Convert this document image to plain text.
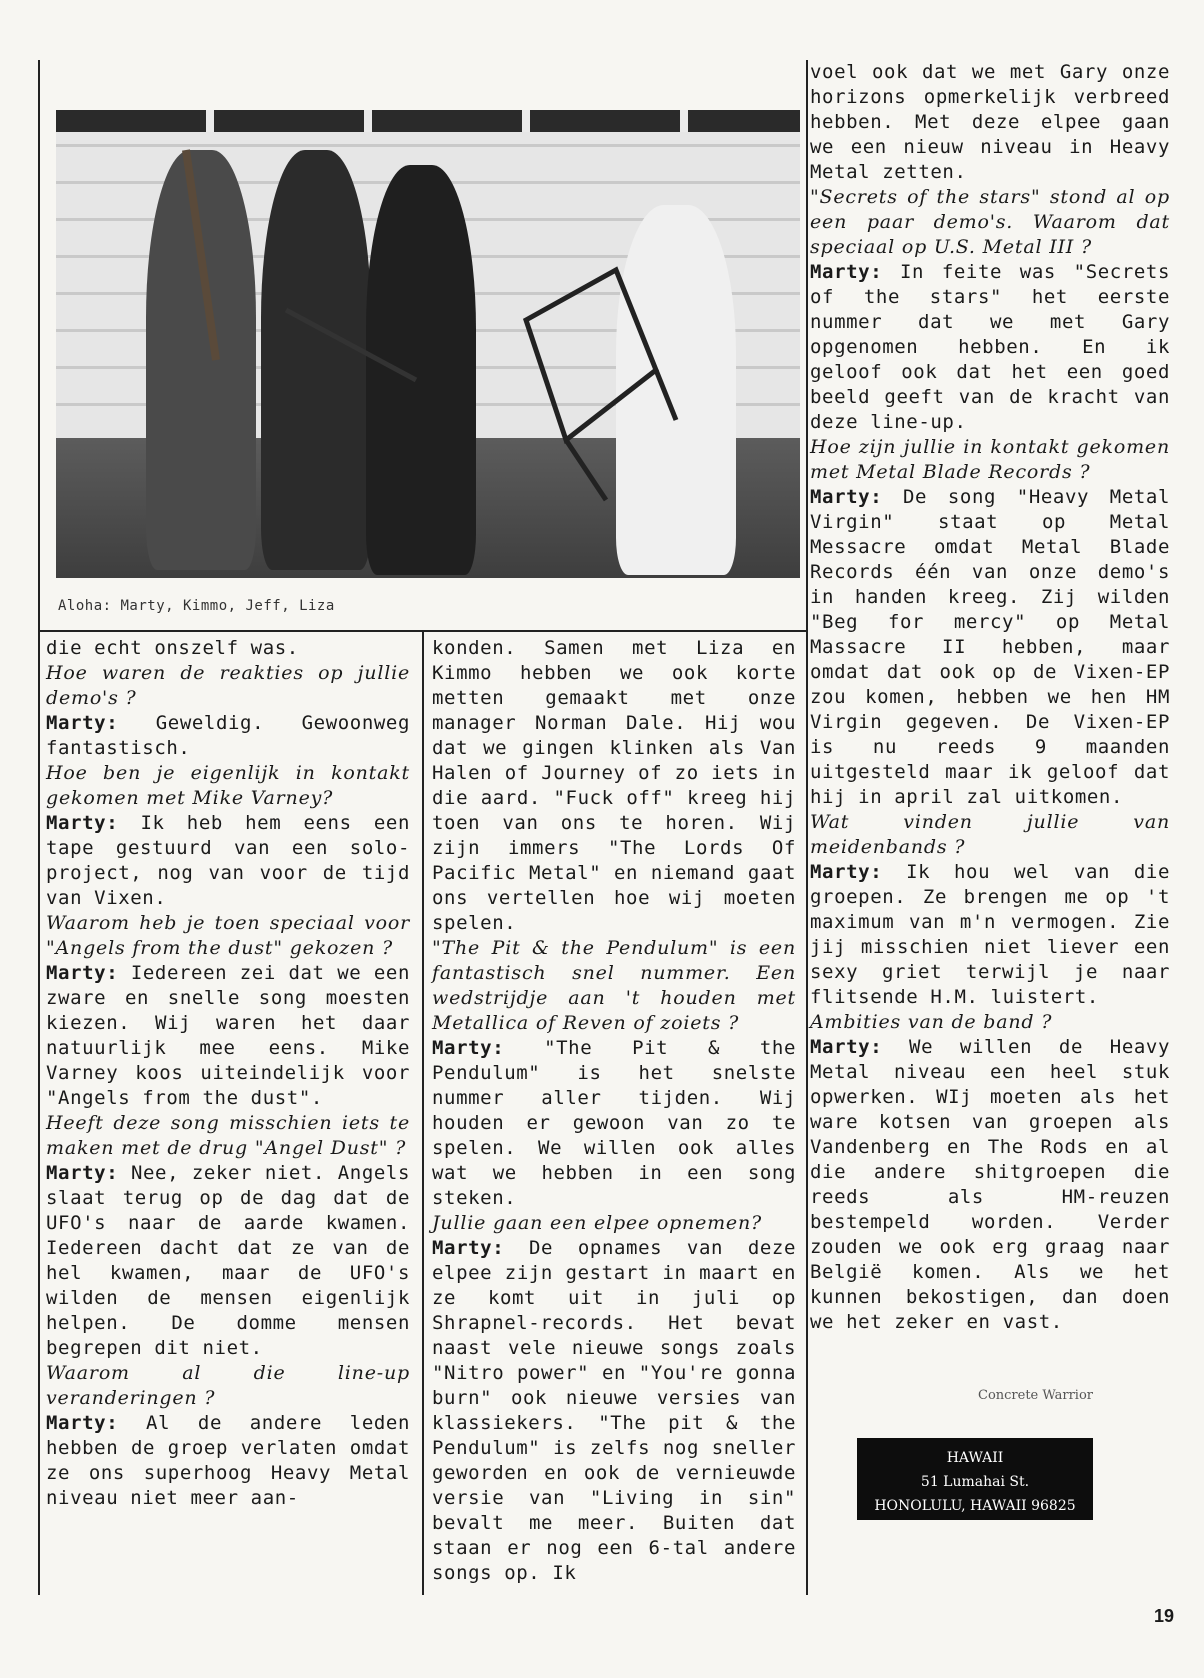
Aloha: Marty, Kimmo, Jeff, Liza

die echt onszelf was.

Hoe waren de reakties op jullie demo's ?

Marty: Geweldig. Gewoonweg fantastisch.

Hoe ben je eigenlijk in kontakt gekomen met Mike Varney?

Marty: Ik heb hem eens een tape gestuurd van een solo-project, nog van voor de tijd van Vixen.

Waarom heb je toen speciaal voor "Angels from the dust" gekozen ?

Marty: Iedereen zei dat we een zware en snelle song moesten kiezen. Wij waren het daar natuurlijk mee eens. Mike Varney koos uiteindelijk voor "Angels from the dust".

Heeft deze song misschien iets te maken met de drug "Angel Dust" ?

Marty: Nee, zeker niet. Angels slaat terug op de dag dat de UFO's naar de aarde kwamen. Iedereen dacht dat ze van de hel kwamen, maar de UFO's wilden de mensen eigenlijk helpen. De domme mensen begrepen dit niet.

Waarom al die line-up veranderingen ?

Marty: Al de andere leden hebben de groep verlaten omdat ze ons superhoog Heavy Metal niveau niet meer aan-

konden. Samen met Liza en Kimmo hebben we ook korte metten gemaakt met onze manager Norman Dale. Hij wou dat we gingen klinken als Van Halen of Journey of zo iets in die aard. "Fuck off" kreeg hij toen van ons te horen. Wij zijn immers "The Lords Of Pacific Metal" en niemand gaat ons vertellen hoe wij moeten spelen.

"The Pit & the Pendulum" is een fantastisch snel nummer. Een wedstrijdje aan 't houden met Metallica of Reven of zoiets ?

Marty: "The Pit & the Pendulum" is het snelste nummer aller tijden. Wij houden er gewoon van zo te spelen. We willen ook alles wat we hebben in een song steken.

Jullie gaan een elpee opnemen?

Marty: De opnames van deze elpee zijn gestart in maart en ze komt uit in juli op Shrapnel-records. Het bevat naast vele nieuwe songs zoals "Nitro power" en "You're gonna burn" ook nieuwe versies van klassiekers. "The pit & the Pendulum" is zelfs nog sneller geworden en ook de vernieuwde versie van "Living in sin" bevalt me meer. Buiten dat staan er nog een 6-tal andere songs op. Ik

voel ook dat we met Gary onze horizons opmerkelijk verbreed hebben. Met deze elpee gaan we een nieuw niveau in Heavy Metal zetten.

"Secrets of the stars" stond al op een paar demo's. Waarom dat speciaal op U.S. Metal III ?

Marty: In feite was "Secrets of the stars" het eerste nummer dat we met Gary opgenomen hebben. En ik geloof ook dat het een goed beeld geeft van de kracht van deze line-up.

Hoe zijn jullie in kontakt gekomen met Metal Blade Records ?

Marty: De song "Heavy Metal Virgin" staat op Metal Messacre omdat Metal Blade Records één van onze demo's in handen kreeg. Zij wilden "Beg for mercy" op Metal Massacre II hebben, maar omdat dat ook op de Vixen-EP zou komen, hebben we hen HM Virgin gegeven. De Vixen-EP is nu reeds 9 maanden uitgesteld maar ik geloof dat hij in april zal uitkomen.

Wat vinden jullie van meidenbands ?

Marty: Ik hou wel van die groepen. Ze brengen me op 't maximum van m'n vermogen. Zie jij misschien niet liever een sexy griet terwijl je naar flitsende H.M. luistert.

Ambities van de band ?

Marty: We willen de Heavy Metal niveau een heel stuk opwerken. WIj moeten als het ware kotsen van groepen als Vandenberg en The Rods en al die andere shitgroepen die reeds als HM-reuzen bestempeld worden. Verder zouden we ook erg graag naar België komen. Als we het kunnen bekostigen, dan doen we het zeker en vast.

Concrete Warrior

HAWAII
51 Lumahai St.
HONOLULU, HAWAII 96825
19
